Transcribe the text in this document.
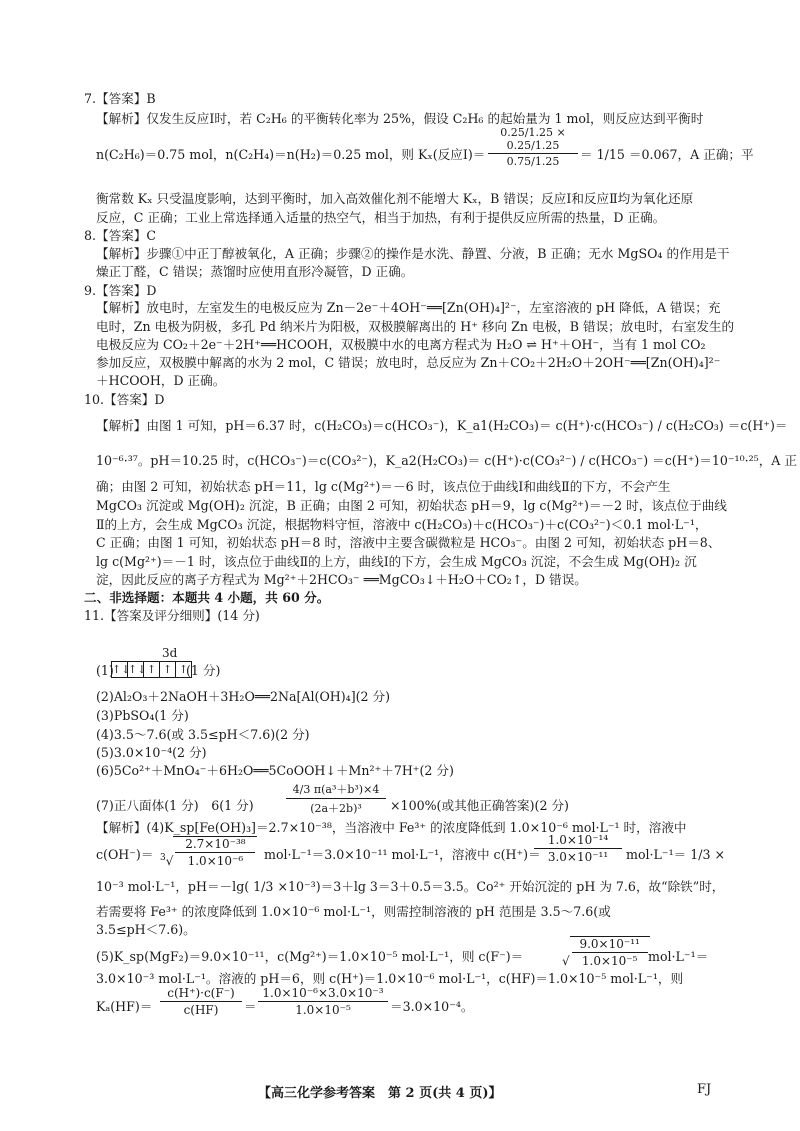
7.【答案】B
【解析】仅发生反应Ⅰ时，若 C₂H₆ 的平衡转化率为 25%，假设 C₂H₆ 的起始量为 1 mol，则反应达到平衡时
n(C₂H₆)＝0.75 mol，n(C₂H₄)＝n(H₂)＝0.25 mol，则 Kₓ(反应Ⅰ)＝
0.25/1.25 × 0.25/1.25
0.75/1.25	＝ 1/15 ＝0.067，A 正确；平
衡常数 Kₓ 只受温度影响，达到平衡时，加入高效催化剂不能增大 Kₓ，B 错误；反应Ⅰ和反应Ⅱ均为氧化还原
反应，C 正确；工业上常选择通入适量的热空气，相当于加热，有利于提供反应所需的热量，D 正确。
8.【答案】C
【解析】步骤①中正丁醇被氧化，A 正确；步骤②的操作是水洗、静置、分液，B 正确；无水 MgSO₄ 的作用是干
燥正丁醛，C 错误；蒸馏时应使用直形冷凝管，D 正确。
9.【答案】D
【解析】放电时，左室发生的电极反应为 Zn－2e⁻＋4OH⁻══[Zn(OH)₄]²⁻，左室溶液的 pH 降低，A 错误；充
电时，Zn 电极为阴极，多孔 Pd 纳米片为阳极，双极膜解离出的 H⁺ 移向 Zn 电极，B 错误；放电时，右室发生的
电极反应为 CO₂＋2e⁻＋2H⁺══HCOOH，双极膜中水的电离方程式为 H₂O ⇌ H⁺＋OH⁻，当有 1 mol CO₂
参加反应，双极膜中解离的水为 2 mol，C 错误；放电时，总反应为 Zn＋CO₂＋2H₂O＋2OH⁻══[Zn(OH)₄]²⁻
＋HCOOH，D 正确。
10.【答案】D
【解析】由图 1 可知，pH＝6.37 时，c(H₂CO₃)＝c(HCO₃⁻)，K_a1(H₂CO₃)＝ c(H⁺)·c(HCO₃⁻) / c(H₂CO₃) ＝c(H⁺)＝
10⁻⁶·³⁷。pH＝10.25 时，c(HCO₃⁻)＝c(CO₃²⁻)，K_a2(H₂CO₃)＝ c(H⁺)·c(CO₃²⁻) / c(HCO₃⁻) ＝c(H⁺)＝10⁻¹⁰·²⁵，A 正
确；由图 2 可知，初始状态 pH＝11，lg c(Mg²⁺)＝－6 时，该点位于曲线Ⅰ和曲线Ⅱ的下方，不会产生
MgCO₃ 沉淀或 Mg(OH)₂ 沉淀，B 正确；由图 2 可知，初始状态 pH＝9，lg c(Mg²⁺)＝－2 时，该点位于曲线
Ⅱ的上方，会生成 MgCO₃ 沉淀，根据物料守恒，溶液中 c(H₂CO₃)＋c(HCO₃⁻)＋c(CO₃²⁻)＜0.1 mol·L⁻¹，
C 正确；由图 1 可知，初始状态 pH＝8 时，溶液中主要含碳微粒是 HCO₃⁻。由图 2 可知，初始状态 pH＝8、
lg c(Mg²⁺)＝－1 时，该点位于曲线Ⅱ的上方，曲线Ⅰ的下方，会生成 MgCO₃ 沉淀，不会生成 Mg(OH)₂ 沉
淀，因此反应的离子方程式为 Mg²⁺＋2HCO₃⁻ ══MgCO₃↓＋H₂O＋CO₂↑，D 错误。
二、非选择题：本题共 4 小题，共 60 分。
11.【答案及评分细则】(14 分)
3d
(1)
↑↓
↑↓ ↑ ↑ ↑
(1 分)
(2)Al₂O₃＋2NaOH＋3H₂O══2Na[Al(OH)₄](2 分)
(3)PbSO₄(1 分)
(4)3.5～7.6(或 3.5≤pH＜7.6)(2 分)
(5)3.0×10⁻⁴(2 分)
(6)5Co²⁺＋MnO₄⁻＋6H₂O══5CoOOH↓＋Mn²⁺＋7H⁺(2 分)
(7)正八面体(1 分)　6(1 分)
4/3 π(a³＋b³)×4
(2a＋2b)³	×100%(或其他正确答案)(2 分)
【解析】(4)K_sp[Fe(OH)₃]＝2.7×10⁻³⁸，当溶液中 Fe³⁺ 的浓度降低到 1.0×10⁻⁶ mol·L⁻¹ 时，溶液中
$c(OH^-)= ^3√ \frac{\text{2.7×10⁻³⁸}}{\text{1.0×10⁻⁶}} mol\cdot L^{-1}=3.0\times 10^{-11}$ mol·L⁻¹，溶液中 c(H⁺)＝
1.0×10⁻¹⁴
3.0×10⁻¹¹	mol·L⁻¹＝ 1/3 ×
10⁻³ mol·L⁻¹，pH＝－lg( 1/3 ×10⁻³)＝3＋lg 3＝3＋0.5＝3.5。Co²⁺ 开始沉淀的 pH 为 7.6，故“除铁”时，
若需要将 Fe³⁺ 的浓度降低到 1.0×10⁻⁶ mol·L⁻¹，则需控制溶液的 pH 范围是 3.5～7.6(或
3.5≤pH＜7.6)。
(5)K_sp(MgF₂)＝9.0×10⁻¹¹，c(Mg²⁺)＝1.0×10⁻⁵ mol·L⁻¹，则 c(F⁻)＝	√ $\frac{\text{9.0×10⁻¹¹}}{\text{1.0×10⁻⁵}} mol\cdot L^{-1}=$
3.0×10⁻³ mol·L⁻¹。溶液的 pH＝6，则 c(H⁺)＝1.0×10⁻⁶ mol·L⁻¹，c(HF)＝1.0×10⁻⁵ mol·L⁻¹，则
Kₐ(HF)＝
c(H⁺)·c(F⁻)
c(HF)	＝
1.0×10⁻⁶×3.0×10⁻³
1.0×10⁻⁵	＝3.0×10⁻⁴。
【高三化学参考答案　第 2 页(共 4 页)】	FJ
